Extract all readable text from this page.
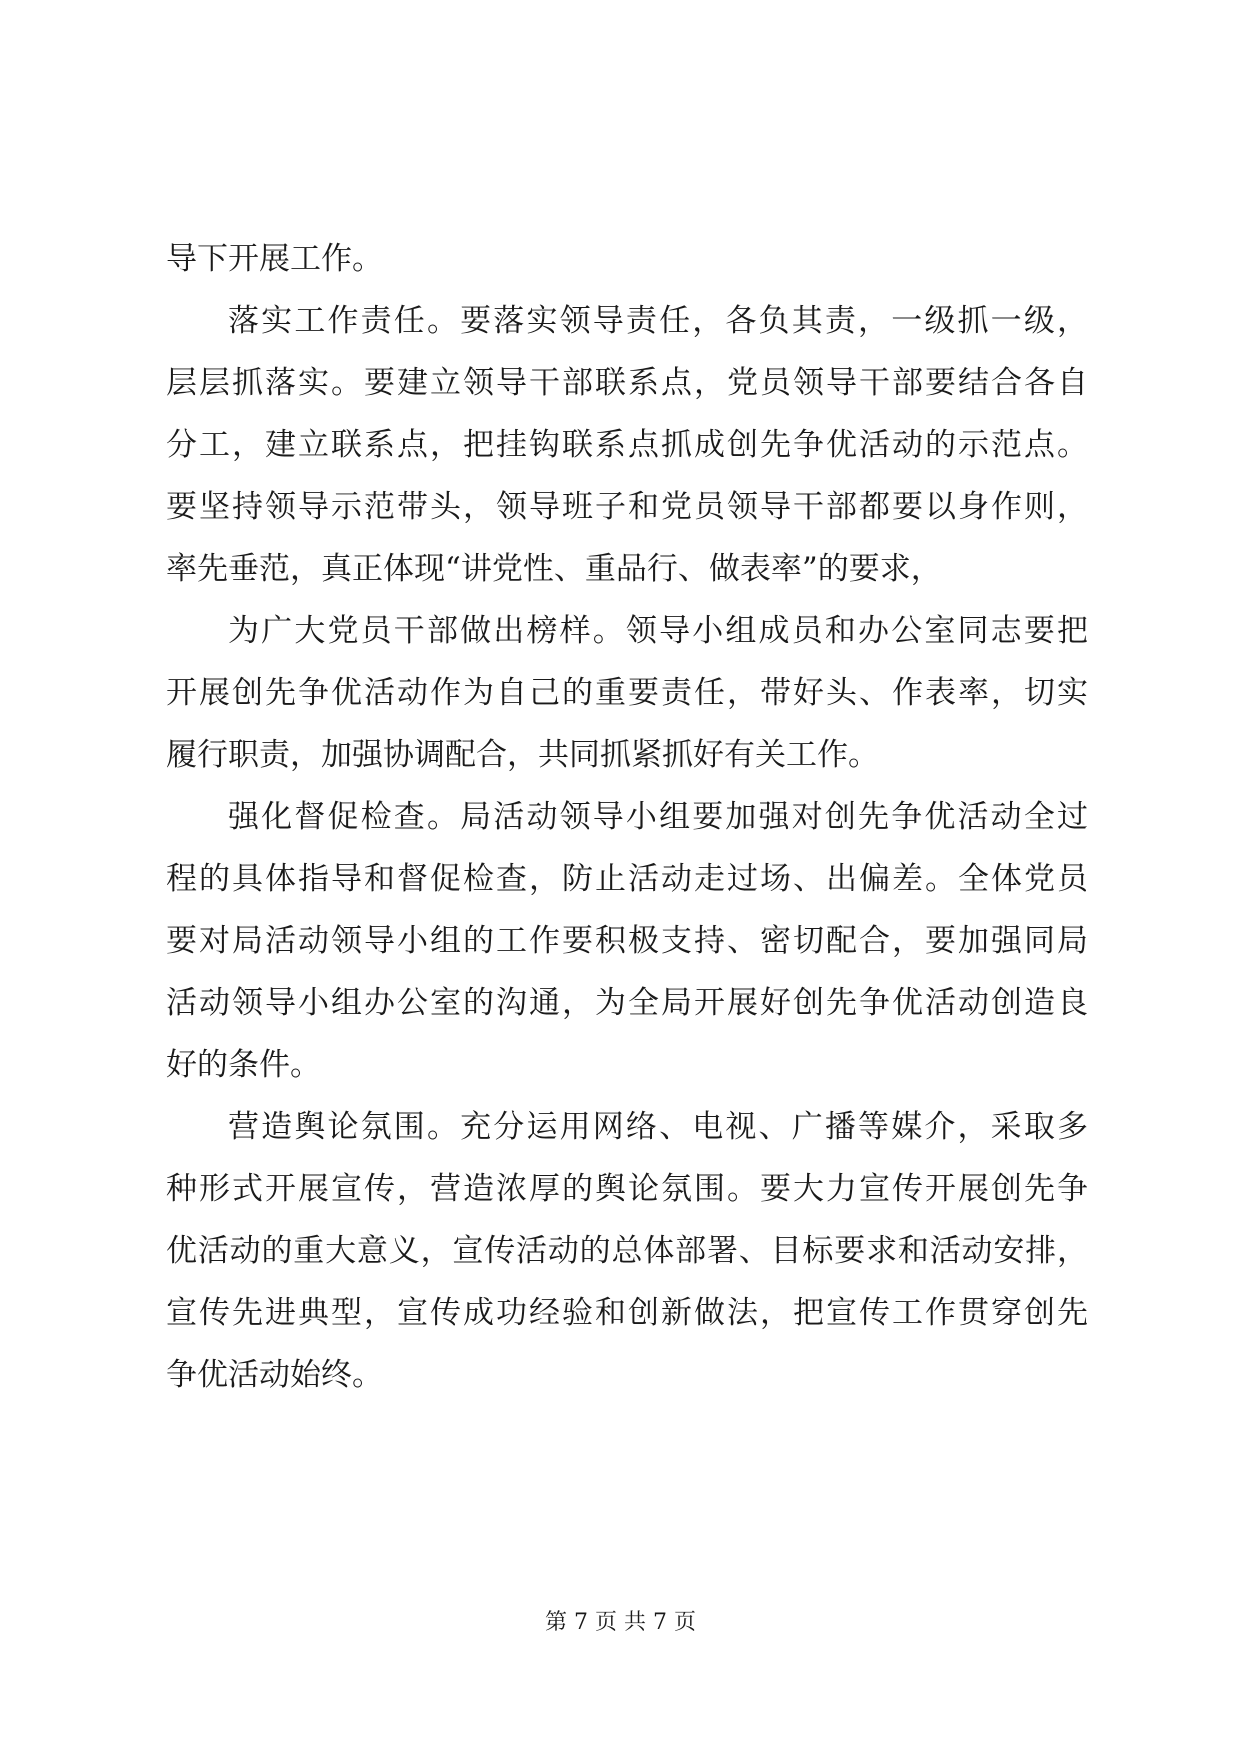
导下开展工作。
落实工作责任。要落实领导责任，各负其责，一级抓一级，
层层抓落实。要建立领导干部联系点，党员领导干部要结合各自
分工，建立联系点，把挂钩联系点抓成创先争优活动的示范点。
要坚持领导示范带头，领导班子和党员领导干部都要以身作则，
率先垂范，真正体现“讲党性、重品行、做表率”的要求，
为广大党员干部做出榜样。领导小组成员和办公室同志要把
开展创先争优活动作为自己的重要责任，带好头、作表率，切实
履行职责，加强协调配合，共同抓紧抓好有关工作。
强化督促检查。局活动领导小组要加强对创先争优活动全过
程的具体指导和督促检查，防止活动走过场、出偏差。全体党员
要对局活动领导小组的工作要积极支持、密切配合，要加强同局
活动领导小组办公室的沟通，为全局开展好创先争优活动创造良
好的条件。
营造舆论氛围。充分运用网络、电视、广播等媒介，采取多
种形式开展宣传，营造浓厚的舆论氛围。要大力宣传开展创先争
优活动的重大意义，宣传活动的总体部署、目标要求和活动安排，
宣传先进典型，宣传成功经验和创新做法，把宣传工作贯穿创先
争优活动始终。
第 7 页 共 7 页
